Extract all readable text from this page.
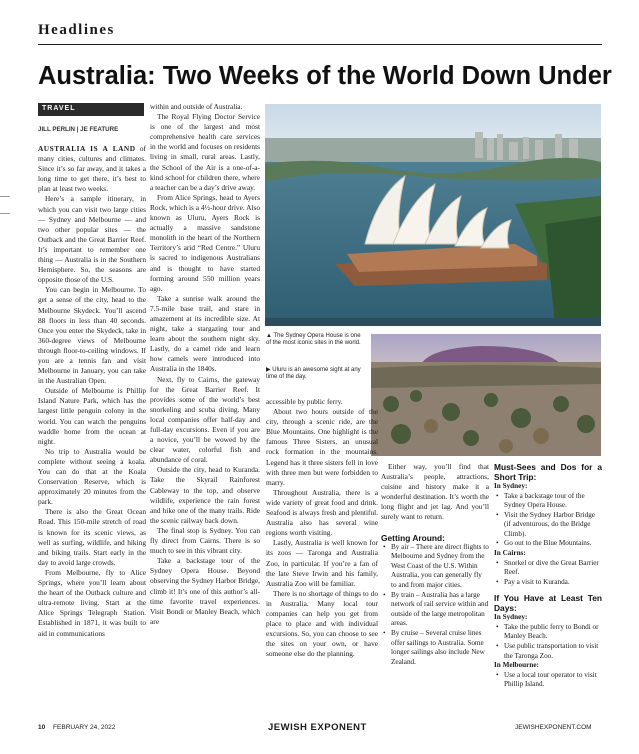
Headlines
Australia: Two Weeks of the World Down Under
TRAVEL
JILL PERLIN | JE FEATURE

AUSTRALIA IS A LAND of many cities, cultures and climates. Since it’s so far away, and it takes a long time to get there, it’s best to plan at least two weeks.

Here’s a sample itinerary, in which you can visit two large cities — Sydney and Melbourne — and two other popular sites — the Outback and the Great Barrier Reef. It’s important to remember one thing — Australia is in the Southern Hemisphere. So, the seasons are opposite those of the U.S.

You can begin in Melbourne. To get a sense of the city, head to the Melbourne Skydeck. You’ll ascend 88 floors in less than 40 seconds. Once you enter the Skydeck, take in 360-degree views of Melbourne through floor-to-ceiling windows. If you are a tennis fan and visit Melbourne in January, you can take in the Australian Open.

Outside of Melbourne is Phillip Island Nature Park, which has the largest little penguin colony in the world. You can watch the penguins waddle home from the ocean at night.

No trip to Australia would be complete without seeing a koala. You can do that at the Koala Conservation Reserve, which is approximately 20 minutes from the park.

There is also the Great Ocean Road. This 150-mile stretch of road is known for its scenic views, as well as surfing, wildlife, and hiking and biking trails. Start early in the day to avoid large crowds.

From Melbourne, fly to Alice Springs, where you’ll learn about the heart of the Outback culture and ultra-remote living. Start at the Alice Springs Telegraph Station. Established in 1871, it was built to aid in communications

within and outside of Australia.

The Royal Flying Doctor Service is one of the largest and most comprehensive health care services in the world and focuses on residents living in small, rural areas. Lastly, the School of the Air is a one-of-a-kind school for children there, where a teacher can be a day’s drive away.

From Alice Springs, head to Ayers Rock, which is a 4½-hour drive. Also known as Uluru, Ayers Rock is actually a massive sandstone monolith in the heart of the Northern Territory’s arid “Red Centre.” Uluru is sacred to indigenous Australians and is thought to have started forming around 550 million years ago.

Take a sunrise walk around the 7.5-mile base trail, and stare in amazement at its incredible size. At night, take a stargazing tour and learn about the southern night sky. Lastly, do a camel ride and learn how camels were introduced into Australia in the 1840s.

Next, fly to Cairns, the gateway for the Great Barrier Reef. It provides some of the world’s best snorkeling and scuba diving. Many local companies offer half-day and full-day excursions. Even if you are a novice, you’ll be wowed by the clear water, colorful fish and abundance of coral.

Outside the city, head to Kuranda. Take the Skyrail Rainforest Cableway to the top, and observe wildlife, experience the rain forest and hike one of the many trails. Ride the scenic railway back down.

The final stop is Sydney. You can fly direct from Cairns. There is so much to see in this vibrant city.

Take a backstage tour of the Sydney Opera House. Beyond observing the Sydney Harbor Bridge, climb it! It’s one of this author’s all-time favorite travel experiences. Visit Bondi or Manley Beach, which are

▲ The Sydney Opera House is one of the most iconic sites in the world.
▶ Uluru is an awesome sight at any time of the day.

accessible by public ferry.

About two hours outside of the city, through a scenic ride, are the Blue Mountains. One highlight is the famous Three Sisters, an unusual rock formation in the mountains. Legend has it three sisters fell in love with three men but were forbidden to marry.

Throughout Australia, there is a wide variety of great food and drink. Seafood is always fresh and plentiful. Australia also has several wine regions worth visiting.

Lastly, Australia is well known for its zoos — Taronga and Australia Zoo, in particular. If you’re a fan of the late Steve Irwin and his family, Australia Zoo will be familiar.

There is no shortage of things to do in Australia. Many local tour companies can help you get from place to place and with individual excursions. So, you can choose to see the sites on your own, or have someone else do the planning.

Either way, you’ll find that Australia’s people, attractions, cuisine and history make it a wonderful destination. It’s worth the long flight and jet lag. And you’ll surely want to return.

Getting Around:
• By air – There are direct flights to Melbourne and Sydney from the West Coast of the U.S. Within Australia, you can generally fly to and from major cities.
• By train – Australia has a large network of rail service within and outside of the large metropolitan areas.
• By cruise – Several cruise lines offer sailings to Australia. Some longer sailings also include New Zealand.
Must-Sees and Dos for a Short Trip:
In Sydney:
• Take a backstage tour of the Sydney Opera House.
• Visit the Sydney Harbor Bridge (if adventurous, do the Bridge Climb).
• Go out to the Blue Mountains.
In Cairns:
• Snorkel or dive the Great Barrier Reef.
• Pay a visit to Kuranda.
If You Have at Least Ten Days:
In Sydney:
• Take the public ferry to Bondi or Manley Beach.
• Use public transportation to visit the Taronga Zoo.
In Melbourne:
• Use a local tour operator to visit Phillip Island.
10 FEBRUARY 24, 2022	JEWISH EXPONENT	JEWISHEXPONENT.COM
